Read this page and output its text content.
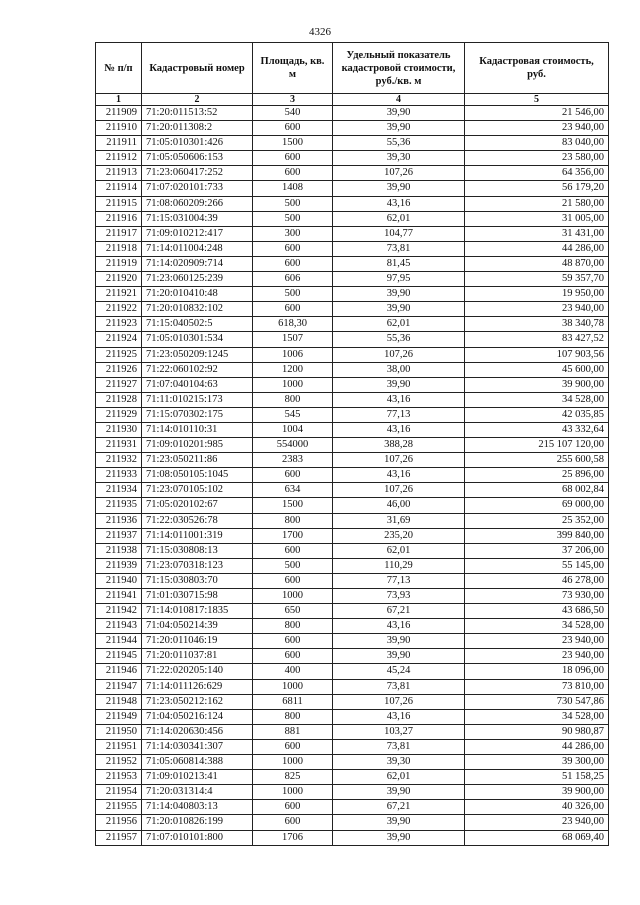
4326
№ п/п	Кадастровый номер	Площадь, кв. м	Удельный показатель кадастровой стоимости, руб./кв. м	Кадастровая стоимость, руб.
1	2	3	4	5
211909	71:20:011513:52	540	39,90	21 546,00
211910	71:20:011308:2	600	39,90	23 940,00
211911	71:05:010301:426	1500	55,36	83 040,00
211912	71:05:050606:153	600	39,30	23 580,00
211913	71:23:060417:252	600	107,26	64 356,00
211914	71:07:020101:733	1408	39,90	56 179,20
211915	71:08:060209:266	500	43,16	21 580,00
211916	71:15:031004:39	500	62,01	31 005,00
211917	71:09:010212:417	300	104,77	31 431,00
211918	71:14:011004:248	600	73,81	44 286,00
211919	71:14:020909:714	600	81,45	48 870,00
211920	71:23:060125:239	606	97,95	59 357,70
211921	71:20:010410:48	500	39,90	19 950,00
211922	71:20:010832:102	600	39,90	23 940,00
211923	71:15:040502:5	618,30	62,01	38 340,78
211924	71:05:010301:534	1507	55,36	83 427,52
211925	71:23:050209:1245	1006	107,26	107 903,56
211926	71:22:060102:92	1200	38,00	45 600,00
211927	71:07:040104:63	1000	39,90	39 900,00
211928	71:11:010215:173	800	43,16	34 528,00
211929	71:15:070302:175	545	77,13	42 035,85
211930	71:14:010110:31	1004	43,16	43 332,64
211931	71:09:010201:985	554000	388,28	215 107 120,00
211932	71:23:050211:86	2383	107,26	255 600,58
211933	71:08:050105:1045	600	43,16	25 896,00
211934	71:23:070105:102	634	107,26	68 002,84
211935	71:05:020102:67	1500	46,00	69 000,00
211936	71:22:030526:78	800	31,69	25 352,00
211937	71:14:011001:319	1700	235,20	399 840,00
211938	71:15:030808:13	600	62,01	37 206,00
211939	71:23:070318:123	500	110,29	55 145,00
211940	71:15:030803:70	600	77,13	46 278,00
211941	71:01:030715:98	1000	73,93	73 930,00
211942	71:14:010817:1835	650	67,21	43 686,50
211943	71:04:050214:39	800	43,16	34 528,00
211944	71:20:011046:19	600	39,90	23 940,00
211945	71:20:011037:81	600	39,90	23 940,00
211946	71:22:020205:140	400	45,24	18 096,00
211947	71:14:011126:629	1000	73,81	73 810,00
211948	71:23:050212:162	6811	107,26	730 547,86
211949	71:04:050216:124	800	43,16	34 528,00
211950	71:14:020630:456	881	103,27	90 980,87
211951	71:14:030341:307	600	73,81	44 286,00
211952	71:05:060814:388	1000	39,30	39 300,00
211953	71:09:010213:41	825	62,01	51 158,25
211954	71:20:031314:4	1000	39,90	39 900,00
211955	71:14:040803:13	600	67,21	40 326,00
211956	71:20:010826:199	600	39,90	23 940,00
211957	71:07:010101:800	1706	39,90	68 069,40
